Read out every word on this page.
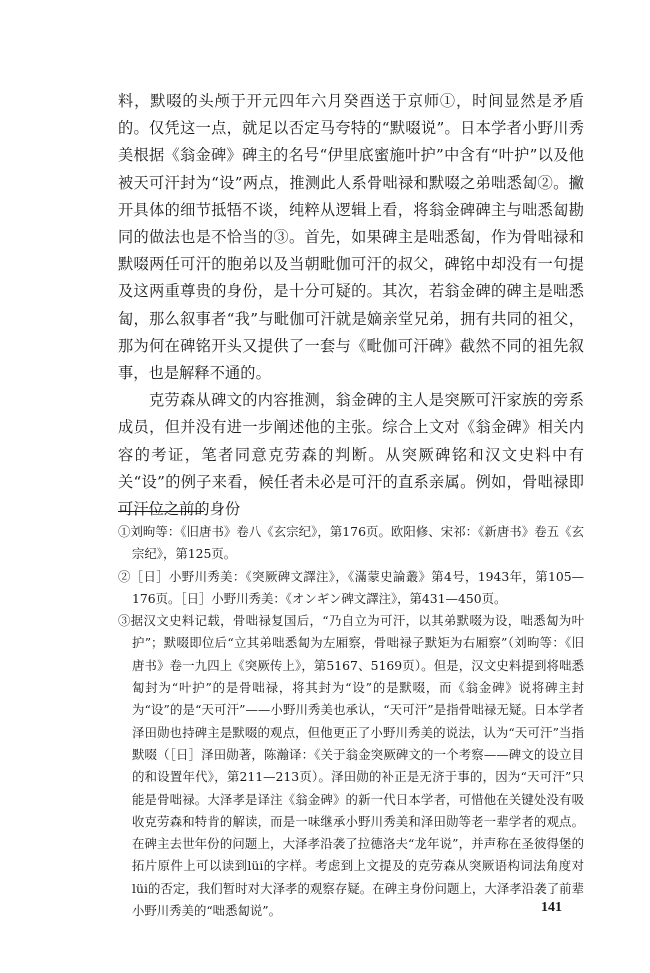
料，默啜的头颅于开元四年六月癸酉送于京师①，时间显然是矛盾的。仅凭这一点，就足以否定马夸特的“默啜说”。日本学者小野川秀美根据《翁金碑》碑主的名号“伊里底蜜施叶护”中含有“叶护”以及他被天可汗封为“设”两点，推测此人系骨咄禄和默啜之弟咄悉匐②。撇开具体的细节抵牾不谈，纯粹从逻辑上看，将翁金碑碑主与咄悉匐勘同的做法也是不恰当的③。首先，如果碑主是咄悉匐，作为骨咄禄和默啜两任可汗的胞弟以及当朝毗伽可汗的叔父，碑铭中却没有一句提及这两重尊贵的身份，是十分可疑的。其次，若翁金碑的碑主是咄悉匐，那么叙事者“我”与毗伽可汗就是嫡亲堂兄弟，拥有共同的祖父，那为何在碑铭开头又提供了一套与《毗伽可汗碑》截然不同的祖先叙事，也是解释不通的。

克劳森从碑文的内容推测，翁金碑的主人是突厥可汗家族的旁系成员，但并没有进一步阐述他的主张。综合上文对《翁金碑》相关内容的考证，笔者同意克劳森的判断。从突厥碑铭和汉文史料中有关“设”的例子来看，候任者未必是可汗的直系亲属。例如，骨咄禄即可汗位之前的身份

①刘昫等：《旧唐书》卷八《玄宗纪》，第176页。欧阳修、宋祁：《新唐书》卷五《玄宗纪》，第125页。

②［日］小野川秀美：《突厥碑文譯注》，《滿蒙史論叢》第4号，1943年，第105—176页。［日］小野川秀美：《オンギン碑文譯注》，第431—450页。

③据汉文史料记载，骨咄禄复国后，“乃自立为可汗，以其弟默啜为设，咄悉匐为叶护”；默啜即位后“立其弟咄悉匐为左厢察，骨咄禄子默矩为右厢察”（刘昫等：《旧唐书》卷一九四上《突厥传上》，第5167、5169页）。但是，汉文史料提到将咄悉匐封为“叶护”的是骨咄禄，将其封为“设”的是默啜，而《翁金碑》说将碑主封为“设”的是“天可汗”——小野川秀美也承认，“天可汗”是指骨咄禄无疑。日本学者泽田勋也持碑主是默啜的观点，但他更正了小野川秀美的说法，认为“天可汗”当指默啜（［日］泽田勋著，陈瀚译：《关于翁金突厥碑文的一个考察——碑文的设立目的和设置年代》，第211—213页）。泽田勋的补正是无济于事的，因为“天可汗”只能是骨咄禄。大泽孝是译注《翁金碑》的新一代日本学者，可惜他在关键处没有吸收克劳森和特肯的解读，而是一味继承小野川秀美和泽田勋等老一辈学者的观点。在碑主去世年份的问题上，大泽孝沿袭了拉德洛夫“龙年说”，并声称在圣彼得堡的拓片原件上可以读到lüi的字样。考虑到上文提及的克劳森从突厥语构词法角度对lüi的否定，我们暂时对大泽孝的观察存疑。在碑主身份问题上，大泽孝沿袭了前辈小野川秀美的“咄悉匐说”。	141
